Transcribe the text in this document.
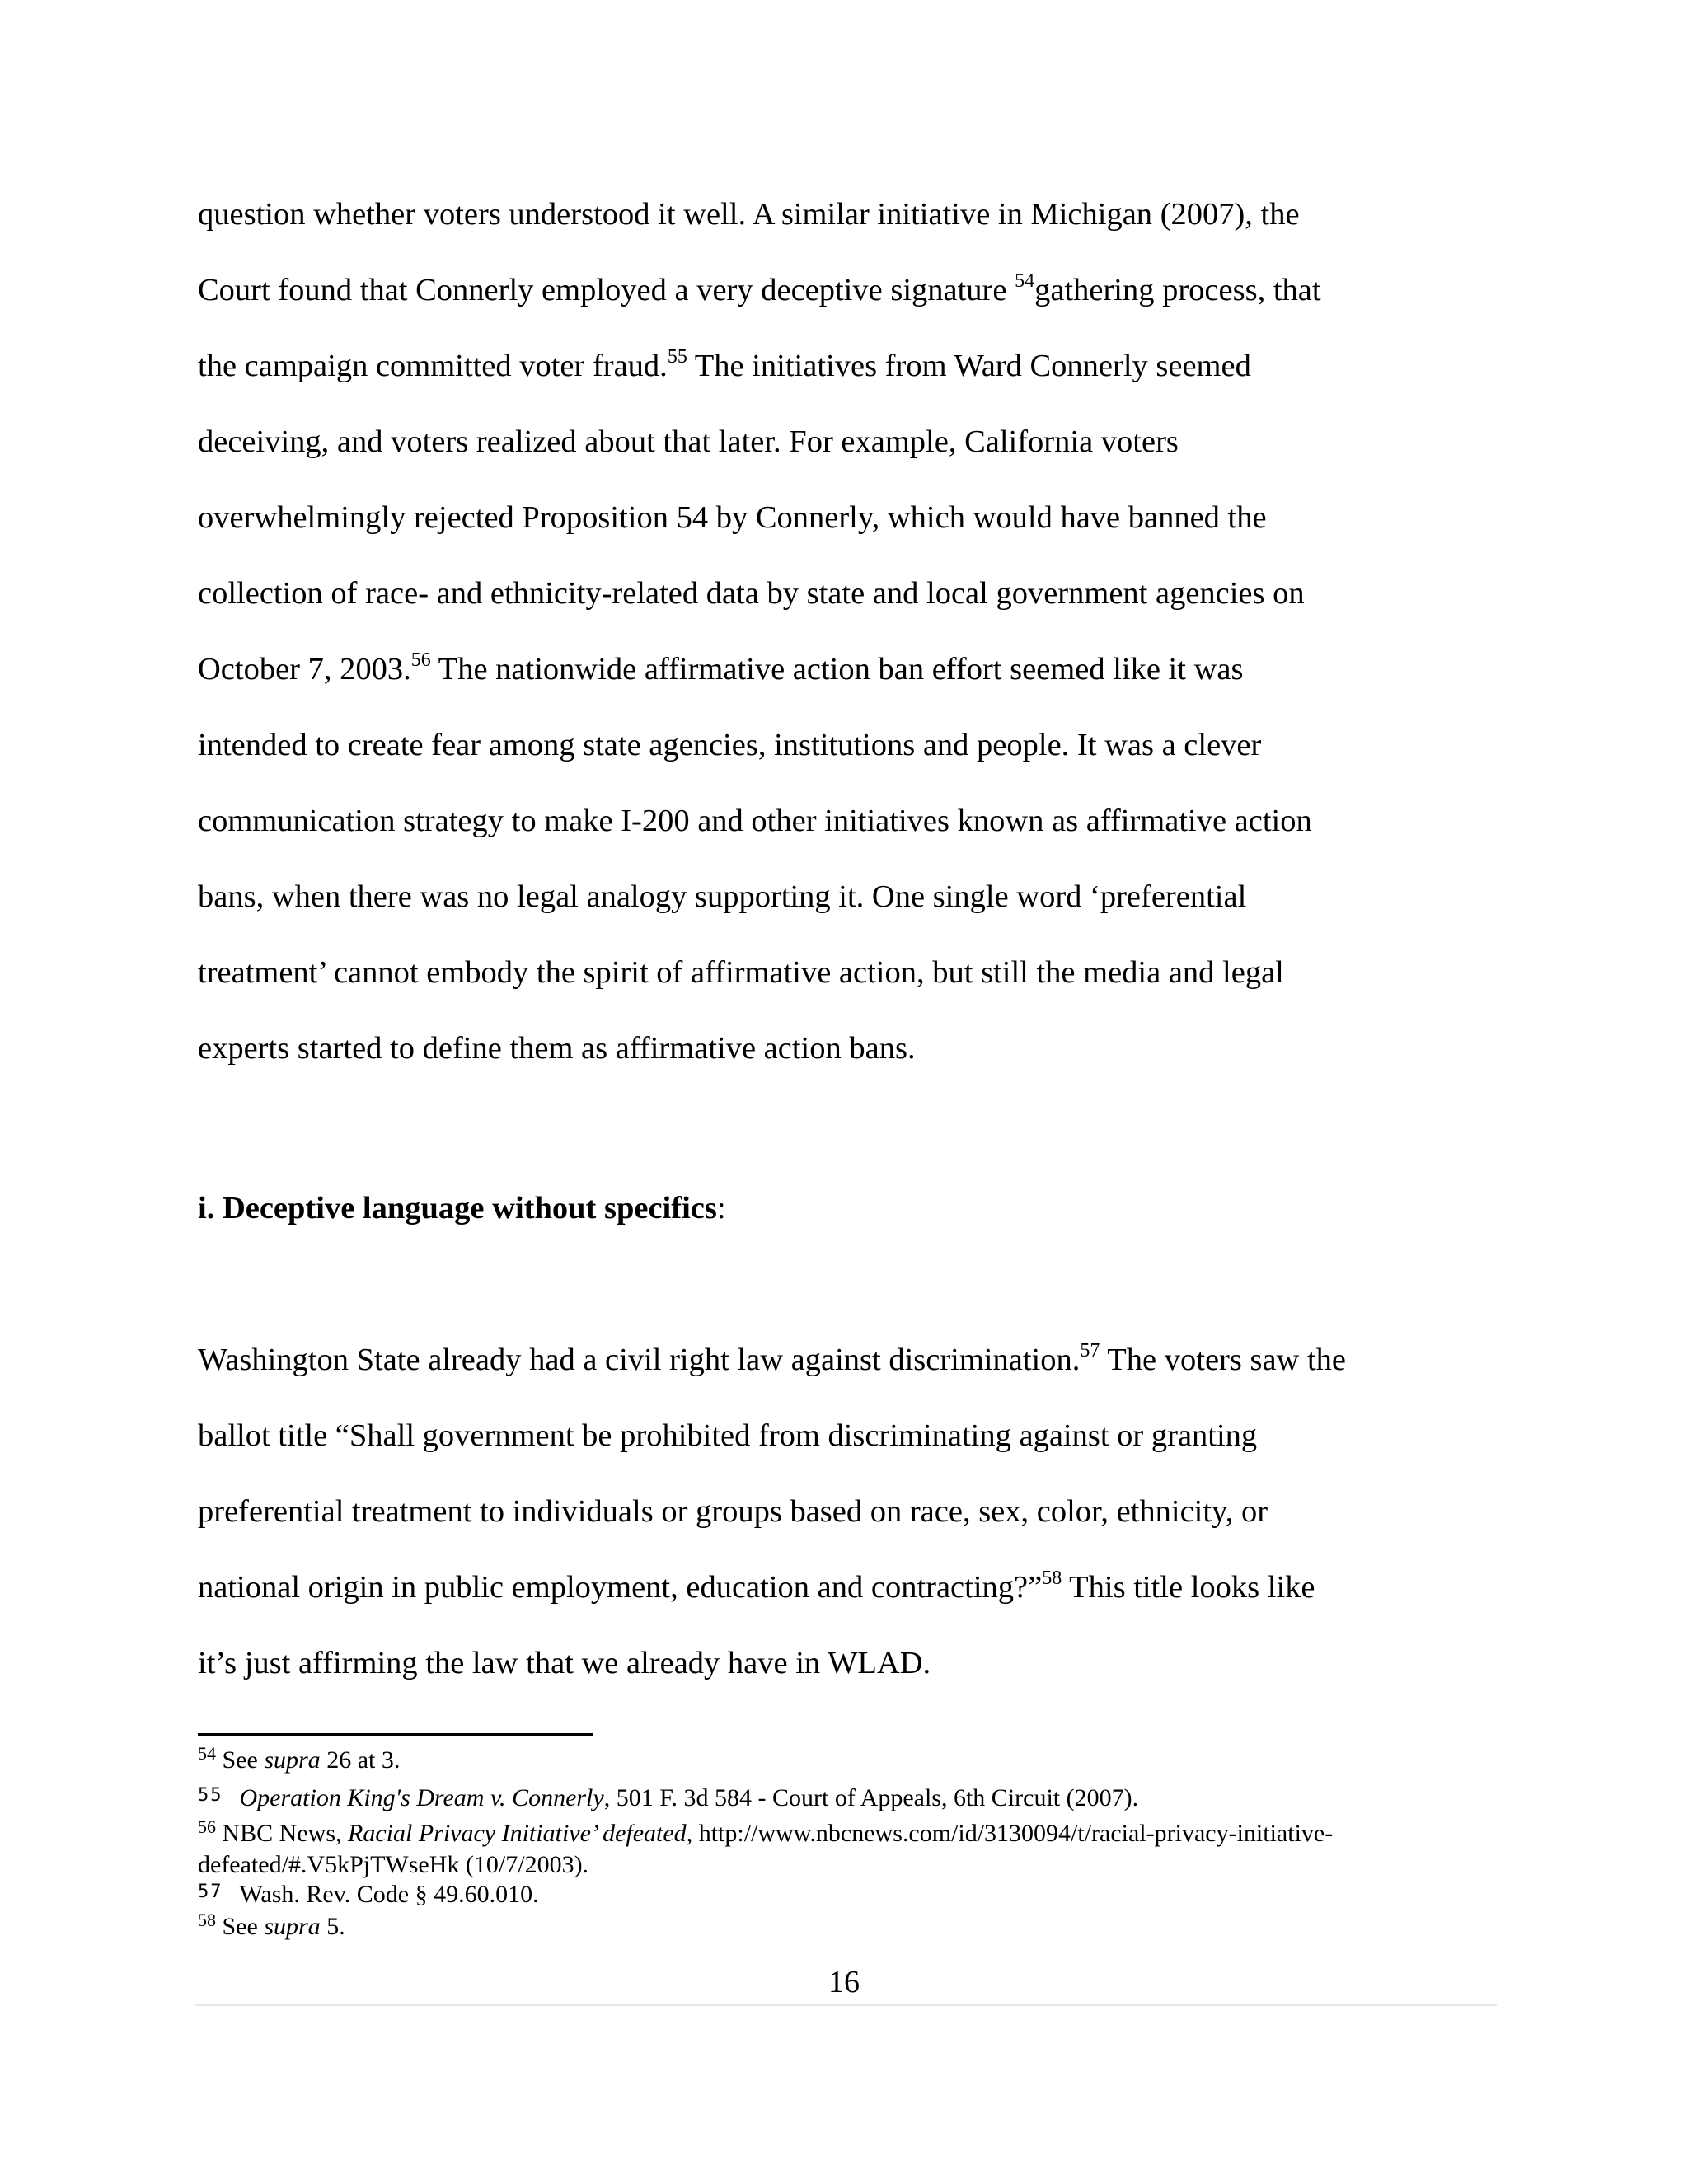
question whether voters understood it well. A similar initiative in Michigan (2007), the
Court found that Connerly employed a very deceptive signature $^{54}$gathering process, that
the campaign committed voter fraud.$^{55}$ The initiatives from Ward Connerly seemed
deceiving, and voters realized about that later. For example, California voters
overwhelmingly rejected Proposition 54 by Connerly, which would have banned the
collection of race- and ethnicity-related data by state and local government agencies on
October 7, 2003.56 The nationwide affirmative action ban effort seemed like it was
intended to create fear among state agencies, institutions and people. It was a clever
communication strategy to make I-200 and other initiatives known as affirmative action
bans, when there was no legal analogy supporting it. One single word ‘preferential
treatment’ cannot embody the spirit of affirmative action, but still the media and legal
experts started to define them as affirmative action bans.
i. Deceptive language without specifics:
Washington State already had a civil right law against discrimination.$^{57}$ The voters saw the
ballot title “Shall government be prohibited from discriminating against or granting
preferential treatment to individuals or groups based on race, sex, color, ethnicity, or
national origin in public employment, education and contracting?”$^{58}$ This title looks like
it’s just affirming the law that we already have in WLAD.
$^{54}$ See supra 26 at 3.
$^{55}$ Operation King's Dream v. Connerly, 501 F. 3d 584 - Court of Appeals, 6th Circuit (2007).
$^{56}$ NBC News, Racial Privacy Initiative’ defeated, http://www.nbcnews.com/id/3130094/t/racial-privacy-initiative-defeated/#.V5kPjTWseHk (10/7/2003).
$^{57}$ Wash. Rev. Code § 49.60.010.
$^{58}$ See supra 5.
16
